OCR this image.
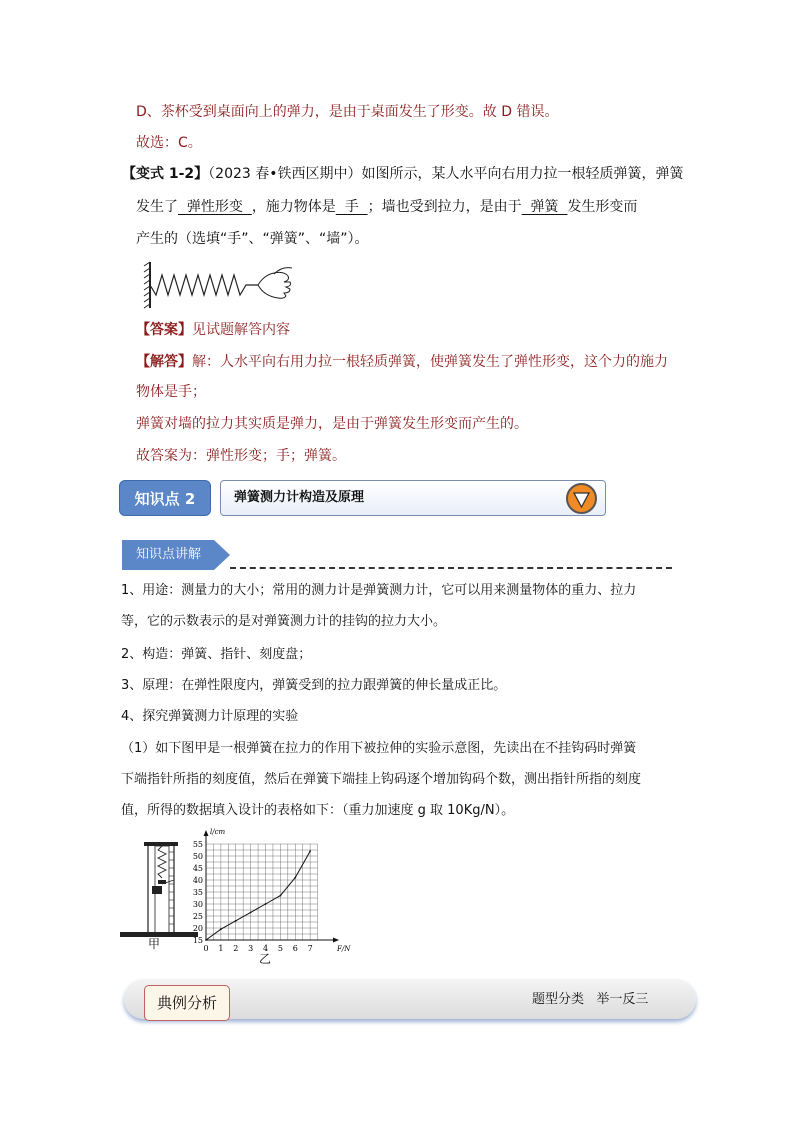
D、茶杯受到桌面向上的弹力，是由于桌面发生了形变。故 D 错误。
故选：C。
【变式 1-2】（2023 春•铁西区期中）如图所示，某人水平向右用力拉一根轻质弹簧，弹簧
发生了  弹性形变  ，施力物体是  手  ；墙也受到拉力，是由于  弹簧  发生形变而
产生的（选填“手”、“弹簧”、“墙”）。
【答案】见试题解答内容
【解答】解：人水平向右用力拉一根轻质弹簧，使弹簧发生了弹性形变，这个力的施力
物体是手；
弹簧对墙的拉力其实质是弹力，是由于弹簧发生形变而产生的。
故答案为：弹性形变；手；弹簧。
知识点 2	弹簧测力计构造及原理
知识点讲解
1、用途：测量力的大小；常用的测力计是弹簧测力计，它可以用来测量物体的重力、拉力
等，它的示数表示的是对弹簧测力计的挂钩的拉力大小。
2、构造：弹簧、指针、刻度盘；
3、原理：在弹性限度内，弹簧受到的拉力跟弹簧的伸长量成正比。
4、探究弹簧测力计原理的实验
（1）如下图甲是一根弹簧在拉力的作用下被拉伸的实验示意图，先读出在不挂钩码时弹簧
下端指针所指的刻度值，然后在弹簧下端挂上钩码逐个增加钩码个数，测出指针所指的刻度
值，所得的数据填入设计的表格如下：（重力加速度 g 取 10Kg/N）。
甲	0 1 2 3 4 5 6 7
20
25
30
35
40
45
50
55
15
F/N
l/cm
乙
典例分析	题型分类   举一反三
